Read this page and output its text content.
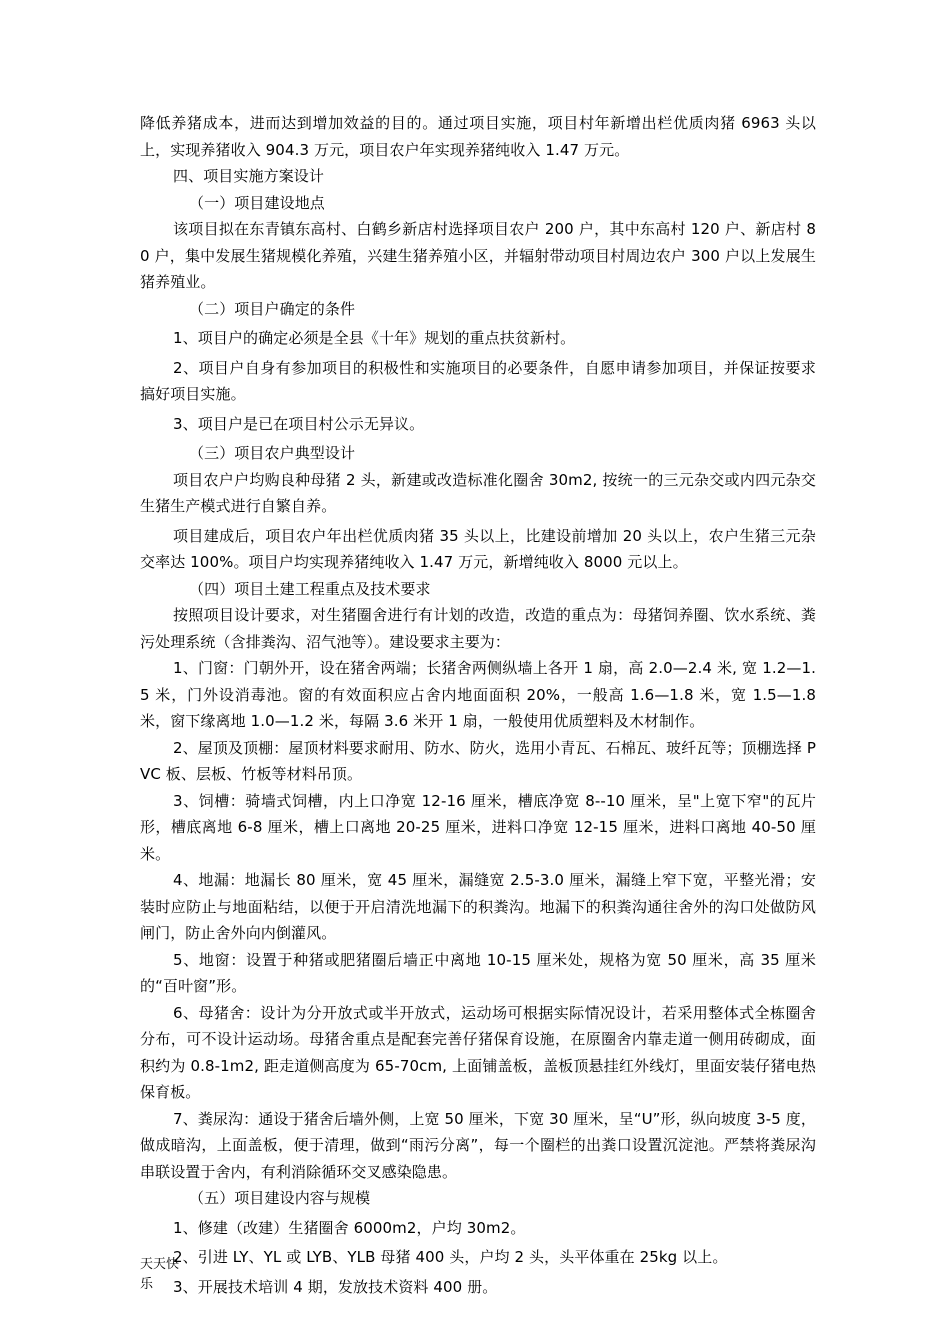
降低养猪成本，进而达到增加效益的目的。通过项目实施，项目村年新增出栏优质肉猪 6963 头以上，实现养猪收入 904.3 万元，项目农户年实现养猪纯收入 1.47 万元。

四、项目实施方案设计

（一）项目建设地点

该项目拟在东青镇东高村、白鹤乡新店村选择项目农户 200 户，其中东高村 120 户、新店村 80 户，集中发展生猪规模化养殖，兴建生猪养殖小区，并辐射带动项目村周边农户 300 户以上发展生猪养殖业。

（二）项目户确定的条件

1、项目户的确定必须是全县《十年》规划的重点扶贫新村。

2、项目户自身有参加项目的积极性和实施项目的必要条件，自愿申请参加项目，并保证按要求搞好项目实施。

3、项目户是已在项目村公示无异议。

（三）项目农户典型设计

项目农户户均购良种母猪 2 头，新建或改造标准化圈舍 30m2, 按统一的三元杂交或内四元杂交生猪生产模式进行自繁自养。

项目建成后，项目农户年出栏优质肉猪 35 头以上，比建设前增加 20 头以上，农户生猪三元杂交率达 100%。项目户均实现养猪纯收入 1.47 万元，新增纯收入 8000 元以上。

（四）项目土建工程重点及技术要求

按照项目设计要求，对生猪圈舍进行有计划的改造，改造的重点为：母猪饲养圈、饮水系统、粪污处理系统（含排粪沟、沼气池等）。建设要求主要为：

1、门窗：门朝外开，设在猪舍两端；长猪舍两侧纵墙上各开 1 扇，高 2.0—2.4 米, 宽 1.2—1.5 米，门外设消毒池。窗的有效面积应占舍内地面面积 20%，一般高 1.6—1.8 米，宽 1.5—1.8 米，窗下缘离地 1.0—1.2 米，每隔 3.6 米开 1 扇，一般使用优质塑料及木材制作。

2、屋顶及顶棚：屋顶材料要求耐用、防水、防火，选用小青瓦、石棉瓦、玻纤瓦等；顶棚选择 PVC 板、层板、竹板等材料吊顶。

3、饲槽：骑墙式饲槽，内上口净宽 12-16 厘米，槽底净宽 8--10 厘米，呈"上宽下窄"的瓦片形，槽底离地 6-8 厘米，槽上口离地 20-25 厘米，进料口净宽 12-15 厘米，进料口离地 40-50 厘米。

4、地漏：地漏长 80 厘米，宽 45 厘米，漏缝宽 2.5-3.0 厘米，漏缝上窄下宽，平整光滑；安装时应防止与地面粘结，以便于开启清洗地漏下的积粪沟。地漏下的积粪沟通往舍外的沟口处做防风闸门，防止舍外向内倒灌风。

5、地窗：设置于种猪或肥猪圈后墙正中离地 10-15 厘米处，规格为宽 50 厘米，高 35 厘米的“百叶窗”形。

6、母猪舍：设计为分开放式或半开放式，运动场可根据实际情况设计，若采用整体式全栋圈舍分布，可不设计运动场。母猪舍重点是配套完善仔猪保育设施，在原圈舍内靠走道一侧用砖砌成，面积约为 0.8-1m2, 距走道侧高度为 65-70cm, 上面铺盖板，盖板顶悬挂红外线灯，里面安装仔猪电热保育板。

7、粪尿沟：通设于猪舍后墙外侧，上宽 50 厘米，下宽 30 厘米，呈“U”形，纵向坡度 3-5 度，做成暗沟，上面盖板，便于清理，做到“雨污分离”，每一个圈栏的出粪口设置沉淀池。严禁将粪尿沟串联设置于舍内，有利消除循环交叉感染隐患。

（五）项目建设内容与规模

1、修建（改建）生猪圈舍 6000m2，户均 30m2。

2、引进 LY、YL 或 LYB、YLB 母猪 400 头，户均 2 头，头平体重在 25kg 以上。

3、开展技术培训 4 期，发放技术资料 400 册。

天天快乐
